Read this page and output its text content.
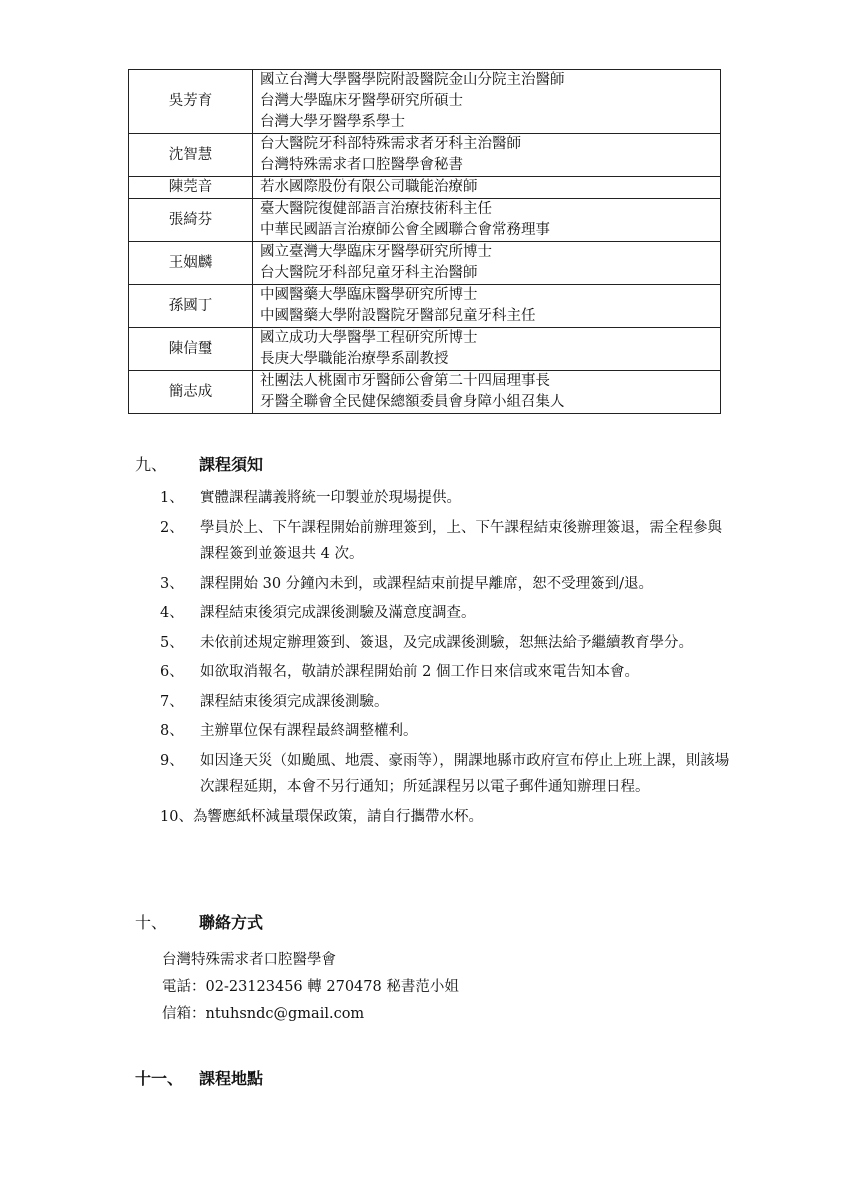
吳芳育	國立台灣大學醫學院附設醫院金山分院主治醫師
台灣大學臨床牙醫學研究所碩士
台灣大學牙醫學系學士

沈智慧	台大醫院牙科部特殊需求者牙科主治醫師
台灣特殊需求者口腔醫學會秘書

陳莞音	若水國際股份有限公司職能治療師

張綺芬	臺大醫院復健部語言治療技術科主任
中華民國語言治療師公會全國聯合會常務理事

王姻麟	國立臺灣大學臨床牙醫學研究所博士
台大醫院牙科部兒童牙科主治醫師

孫國丁	中國醫藥大學臨床醫學研究所博士
中國醫藥大學附設醫院牙醫部兒童牙科主任

陳信璽	國立成功大學醫學工程研究所博士
長庚大學職能治療學系副教授

簡志成	社團法人桃園市牙醫師公會第二十四屆理事長
牙醫全聯會全民健保總額委員會身障小組召集人
九、 課程須知
1、 實體課程講義將統一印製並於現場提供。
2、 學員於上、下午課程開始前辦理簽到，上、下午課程結束後辦理簽退，需全程參與課程簽到並簽退共 4 次。
3、 課程開始 30 分鐘內未到，或課程結束前提早離席，恕不受理簽到/退。
4、 課程結束後須完成課後測驗及滿意度調查。
5、 未依前述規定辦理簽到、簽退，及完成課後測驗，恕無法給予繼續教育學分。
6、 如欲取消報名，敬請於課程開始前 2 個工作日來信或來電告知本會。
7、 課程結束後須完成課後測驗。
8、 主辦單位保有課程最終調整權利。
9、 如因逢天災（如颱風、地震、豪雨等），開課地縣市政府宣布停止上班上課，則該場次課程延期，本會不另行通知；所延課程另以電子郵件通知辦理日程。
10、為響應紙杯減量環保政策，請自行攜帶水杯。
十、 聯絡方式
台灣特殊需求者口腔醫學會
電話：02-23123456 轉 270478 秘書范小姐
信箱：ntuhsndc@gmail.com
十一、 課程地點
